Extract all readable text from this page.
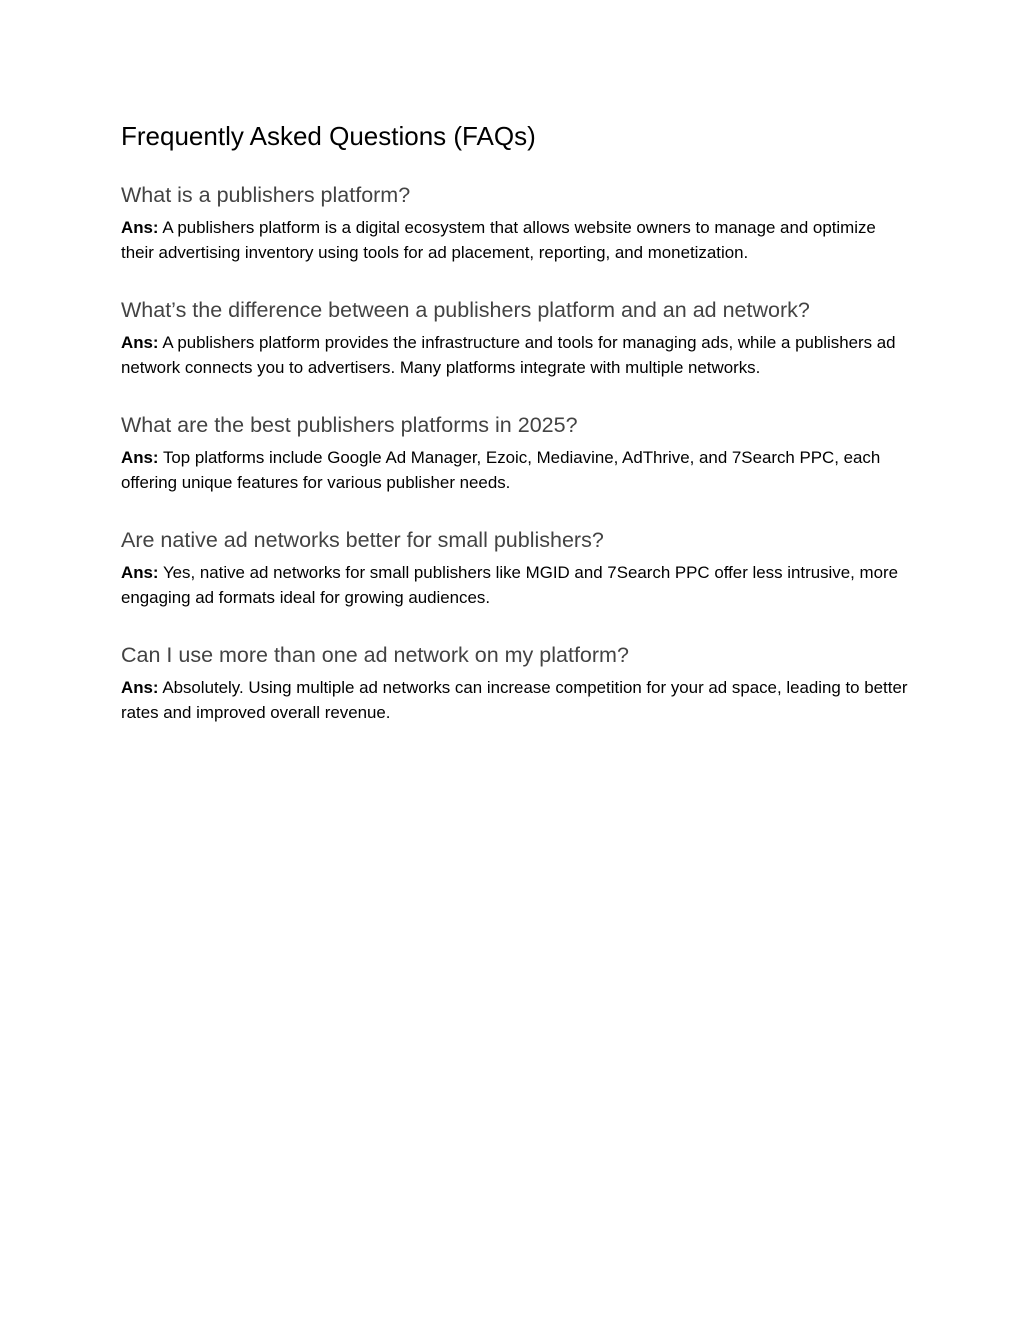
Frequently Asked Questions (FAQs)
What is a publishers platform?

Ans: A publishers platform is a digital ecosystem that allows website owners to manage and optimize their advertising inventory using tools for ad placement, reporting, and monetization.

What’s the difference between a publishers platform and an ad network?

Ans: A publishers platform provides the infrastructure and tools for managing ads, while a publishers ad network connects you to advertisers. Many platforms integrate with multiple networks.

What are the best publishers platforms in 2025?

Ans: Top platforms include Google Ad Manager, Ezoic, Mediavine, AdThrive, and 7Search PPC, each offering unique features for various publisher needs.

Are native ad networks better for small publishers?

Ans: Yes, native ad networks for small publishers like MGID and 7Search PPC offer less intrusive, more engaging ad formats ideal for growing audiences.

Can I use more than one ad network on my platform?

Ans: Absolutely. Using multiple ad networks can increase competition for your ad space, leading to better rates and improved overall revenue.
